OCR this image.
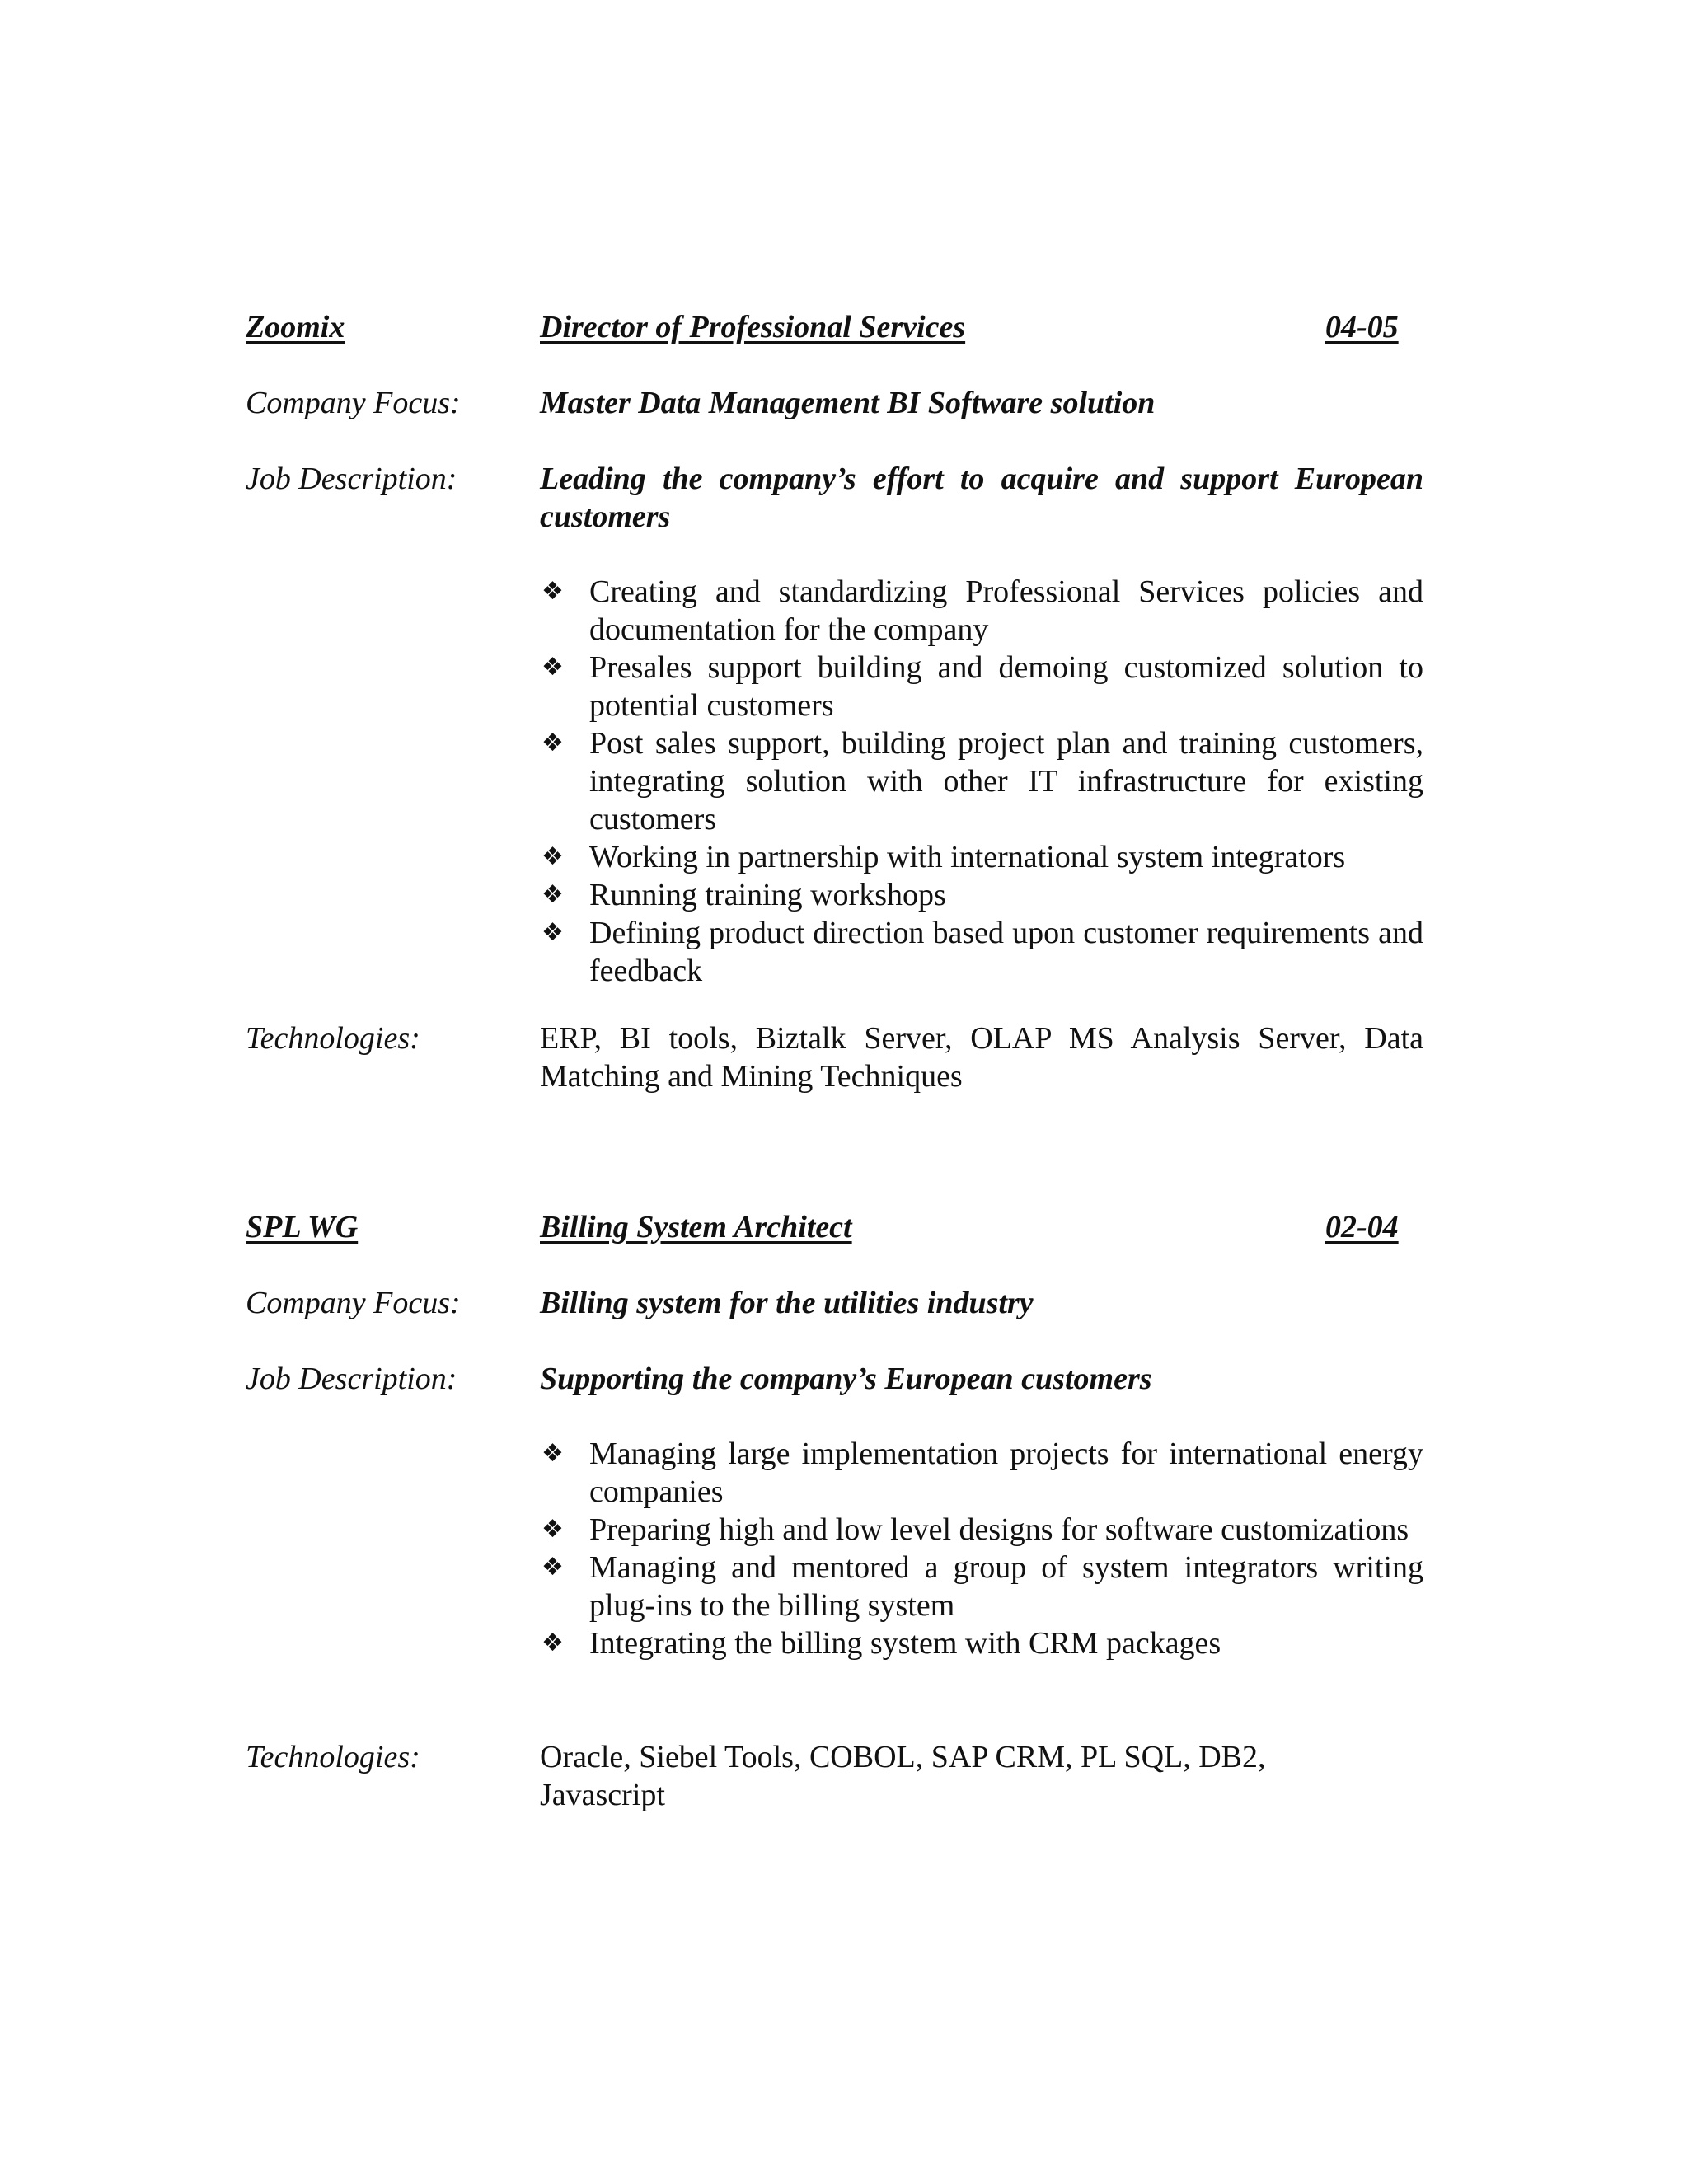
Zoomix	Director of Professional Services	04-05
Company Focus:	Master Data Management BI Software solution
Job Description:	Leading the company’s effort to acquire and support European customers
❖ Creating and standardizing Professional Services policies and documentation for the company
❖ Presales support building and demoing customized solution to potential customers
❖ Post sales support, building project plan and training customers, integrating solution with other IT infrastructure for existing customers
❖ Working in partnership with international system integrators
❖ Running training workshops
❖ Defining product direction based upon customer requirements and feedback
Technologies:	ERP, BI tools, Biztalk Server, OLAP MS Analysis Server, Data Matching and Mining Techniques
SPL WG	Billing System Architect	02-04
Company Focus:	Billing system for the utilities industry
Job Description:	Supporting the company’s European customers
❖ Managing large implementation projects for international energy companies
❖ Preparing high and low level designs for software customizations
❖ Managing and mentored a group of system integrators writing plug-ins to the billing system
❖ Integrating the billing system with CRM packages
Technologies:	Oracle, Siebel Tools, COBOL, SAP CRM, PL SQL, DB2, Javascript
